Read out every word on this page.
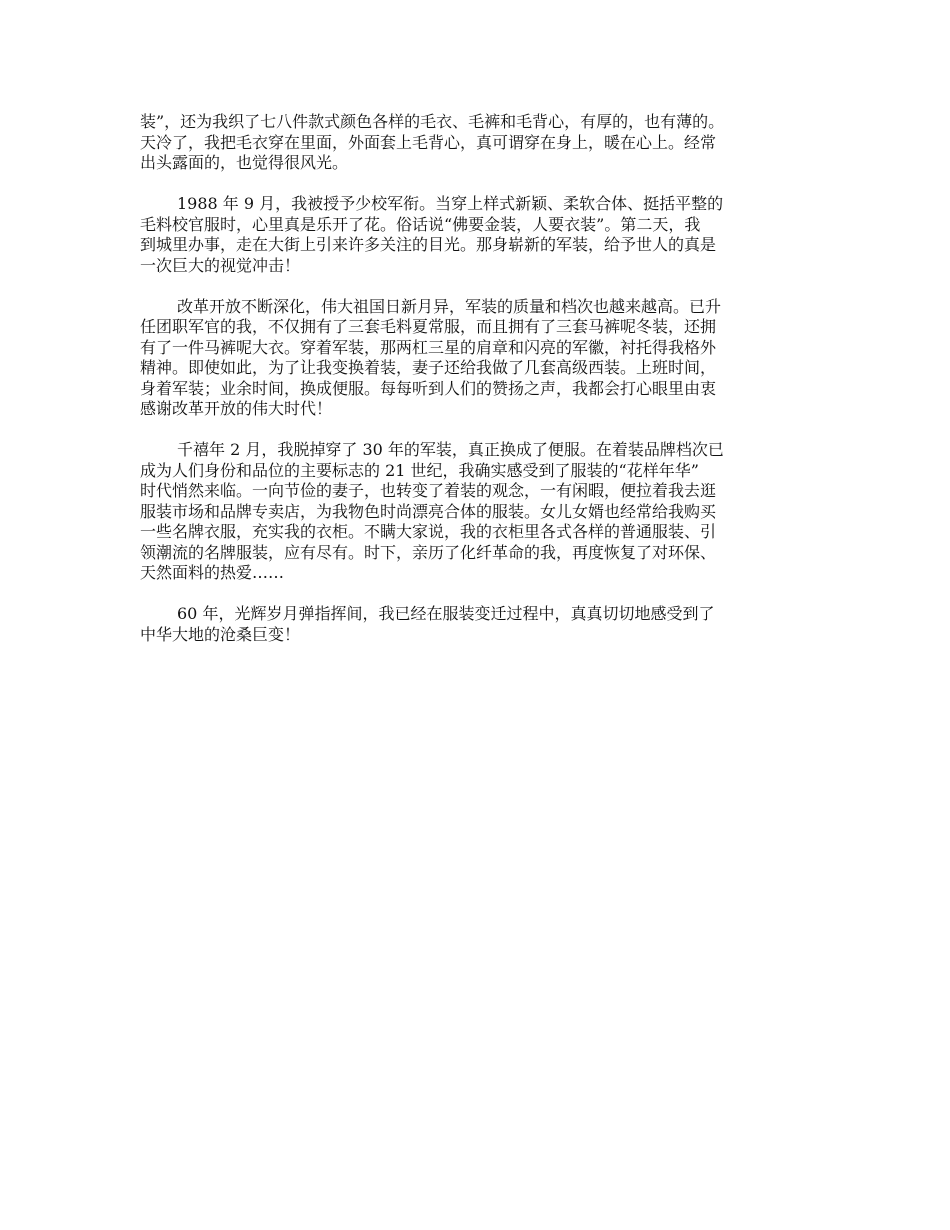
装”，还为我织了七八件款式颜色各样的毛衣、毛裤和毛背心，有厚的，也有薄的。
天冷了，我把毛衣穿在里面，外面套上毛背心，真可谓穿在身上，暖在心上。经常
出头露面的，也觉得很风光。
1988 年 9 月，我被授予少校军衔。当穿上样式新颖、柔软合体、挺括平整的
毛料校官服时，心里真是乐开了花。俗话说“佛要金装，人要衣装”。第二天，我
到城里办事，走在大街上引来许多关注的目光。那身崭新的军装，给予世人的真是
一次巨大的视觉冲击！
改革开放不断深化，伟大祖国日新月异，军装的质量和档次也越来越高。已升
任团职军官的我，不仅拥有了三套毛料夏常服，而且拥有了三套马裤呢冬装，还拥
有了一件马裤呢大衣。穿着军装，那两杠三星的肩章和闪亮的军徽，衬托得我格外
精神。即使如此，为了让我变换着装，妻子还给我做了几套高级西装。上班时间，
身着军装；业余时间，换成便服。每每听到人们的赞扬之声，我都会打心眼里由衷
感谢改革开放的伟大时代！
千禧年 2 月，我脱掉穿了 30 年的军装，真正换成了便服。在着装品牌档次已
成为人们身份和品位的主要标志的 21 世纪，我确实感受到了服装的“花样年华”
时代悄然来临。一向节俭的妻子，也转变了着装的观念，一有闲暇，便拉着我去逛
服装市场和品牌专卖店，为我物色时尚漂亮合体的服装。女儿女婿也经常给我购买
一些名牌衣服，充实我的衣柜。不瞒大家说，我的衣柜里各式各样的普通服装、引
领潮流的名牌服装，应有尽有。时下，亲历了化纤革命的我，再度恢复了对环保、
天然面料的热爱……
60 年，光辉岁月弹指挥间，我已经在服装变迁过程中，真真切切地感受到了
中华大地的沧桑巨变！
